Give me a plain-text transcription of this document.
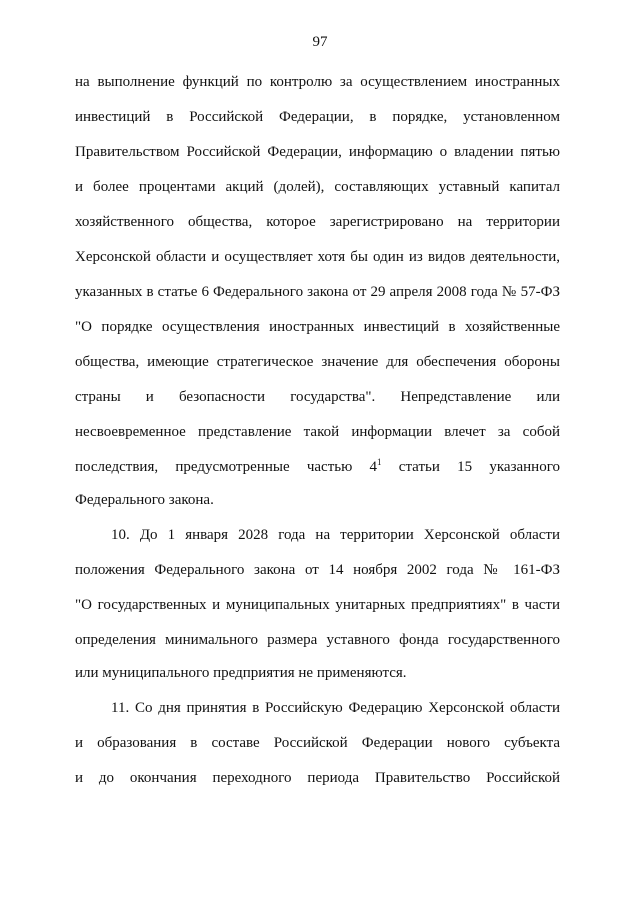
97
на выполнение функций по контролю за осуществлением иностранных
инвестиций в Российской Федерации, в порядке, установленном
Правительством Российской Федерации, информацию о владении пятью
и более процентами акций (долей), составляющих уставный капитал
хозяйственного общества, которое зарегистрировано на территории
Херсонской области и осуществляет хотя бы один из видов деятельности,
указанных в статье 6 Федерального закона от 29 апреля 2008 года № 57-ФЗ
"О порядке осуществления иностранных инвестиций в хозяйственные
общества, имеющие стратегическое значение для обеспечения обороны
страны и безопасности государства". Непредставление или
несвоевременное представление такой информации влечет за собой
последствия, предусмотренные частью $4^1$ статьи 15 указанного
Федерального закона.
10. До 1 января 2028 года на территории Херсонской области
положения Федерального закона от 14 ноября 2002 года № 161-ФЗ
"О государственных и муниципальных унитарных предприятиях" в части
определения минимального размера уставного фонда государственного
или муниципального предприятия не применяются.
11. Со дня принятия в Российскую Федерацию Херсонской области
и образования в составе Российской Федерации нового субъекта
и до окончания переходного периода Правительство Российской
